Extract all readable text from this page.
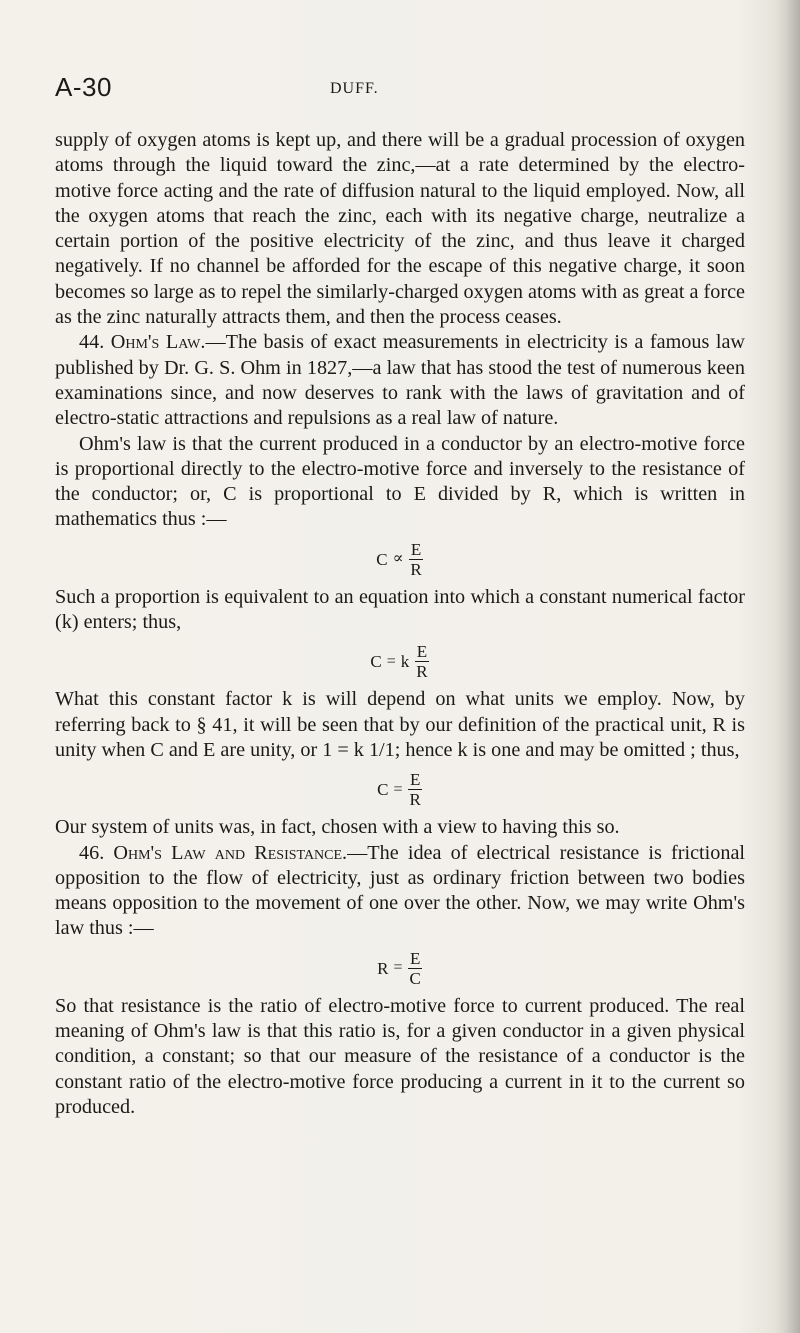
A-30	DUFF.

supply of oxygen atoms is kept up, and there will be a gradual procession of oxygen atoms through the liquid toward the zinc,—at a rate determined by the electro-motive force acting and the rate of diffusion natural to the liquid employed. Now, all the oxygen atoms that reach the zinc, each with its negative charge, neutralize a certain portion of the positive electricity of the zinc, and thus leave it charged negatively. If no channel be afforded for the escape of this negative charge, it soon becomes so large as to repel the similarly-charged oxygen atoms with as great a force as the zinc naturally attracts them, and then the process ceases.

44. Ohm's Law.—The basis of exact measurements in electricity is a famous law published by Dr. G. S. Ohm in 1827,—a law that has stood the test of numerous keen examinations since, and now deserves to rank with the laws of gravitation and of electro-static attractions and repulsions as a real law of nature.

Ohm's law is that the current produced in a conductor by an electro-motive force is proportional directly to the electro-motive force and inversely to the resistance of the conductor; or, C is proportional to E divided by R, which is written in mathematics thus :—

$C \propto \frac{E}{R}$

Such a proportion is equivalent to an equation into which a constant numerical factor (k) enters; thus,

C = k $\frac{E}{R}$

What this constant factor k is will depend on what units we employ. Now, by referring back to § 41, it will be seen that by our definition of the practical unit, R is unity when C and E are unity, or 1 = k 1/1; hence k is one and may be omitted ; thus,

$C = \frac{E}{R}$

Our system of units was, in fact, chosen with a view to having this so.

46. Ohm's Law and Resistance.—The idea of electrical resistance is frictional opposition to the flow of electricity, just as ordinary friction between two bodies means opposition to the movement of one over the other. Now, we may write Ohm's law thus :—

$R = \frac{E}{C}$

So that resistance is the ratio of electro-motive force to current produced. The real meaning of Ohm's law is that this ratio is, for a given conductor in a given physical condition, a constant; so that our measure of the resistance of a conductor is the constant ratio of the electro-motive force producing a current in it to the current so produced.
